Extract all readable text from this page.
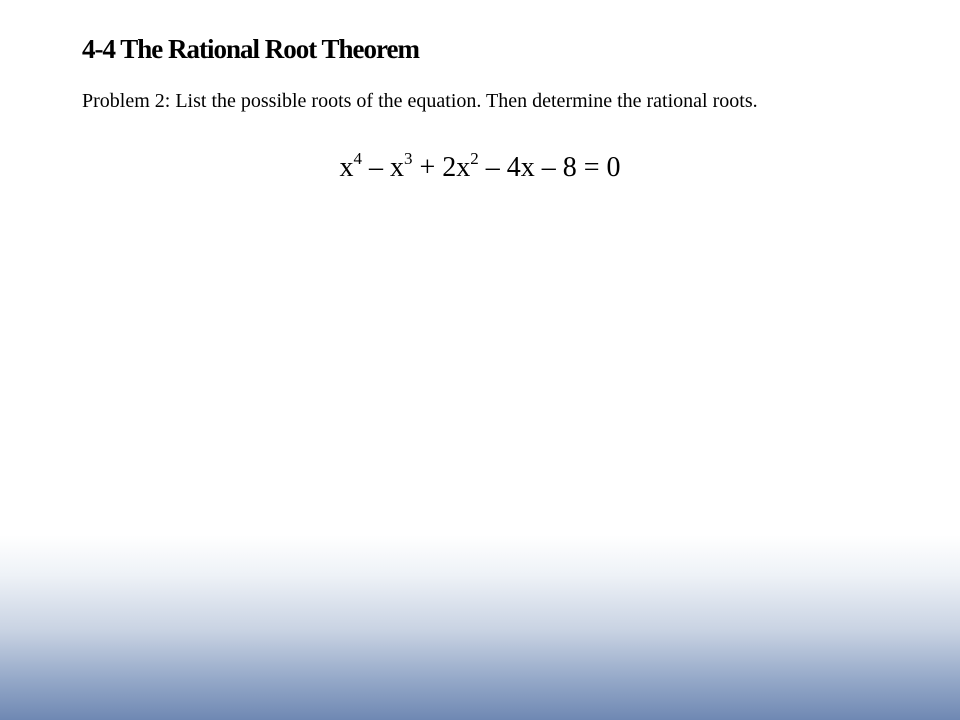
4-4 The Rational Root Theorem
Problem 2: List the possible roots of the equation. Then determine the rational roots.
$x^4 - x^3 + 2x^2 - 4x - 8 = 0$
